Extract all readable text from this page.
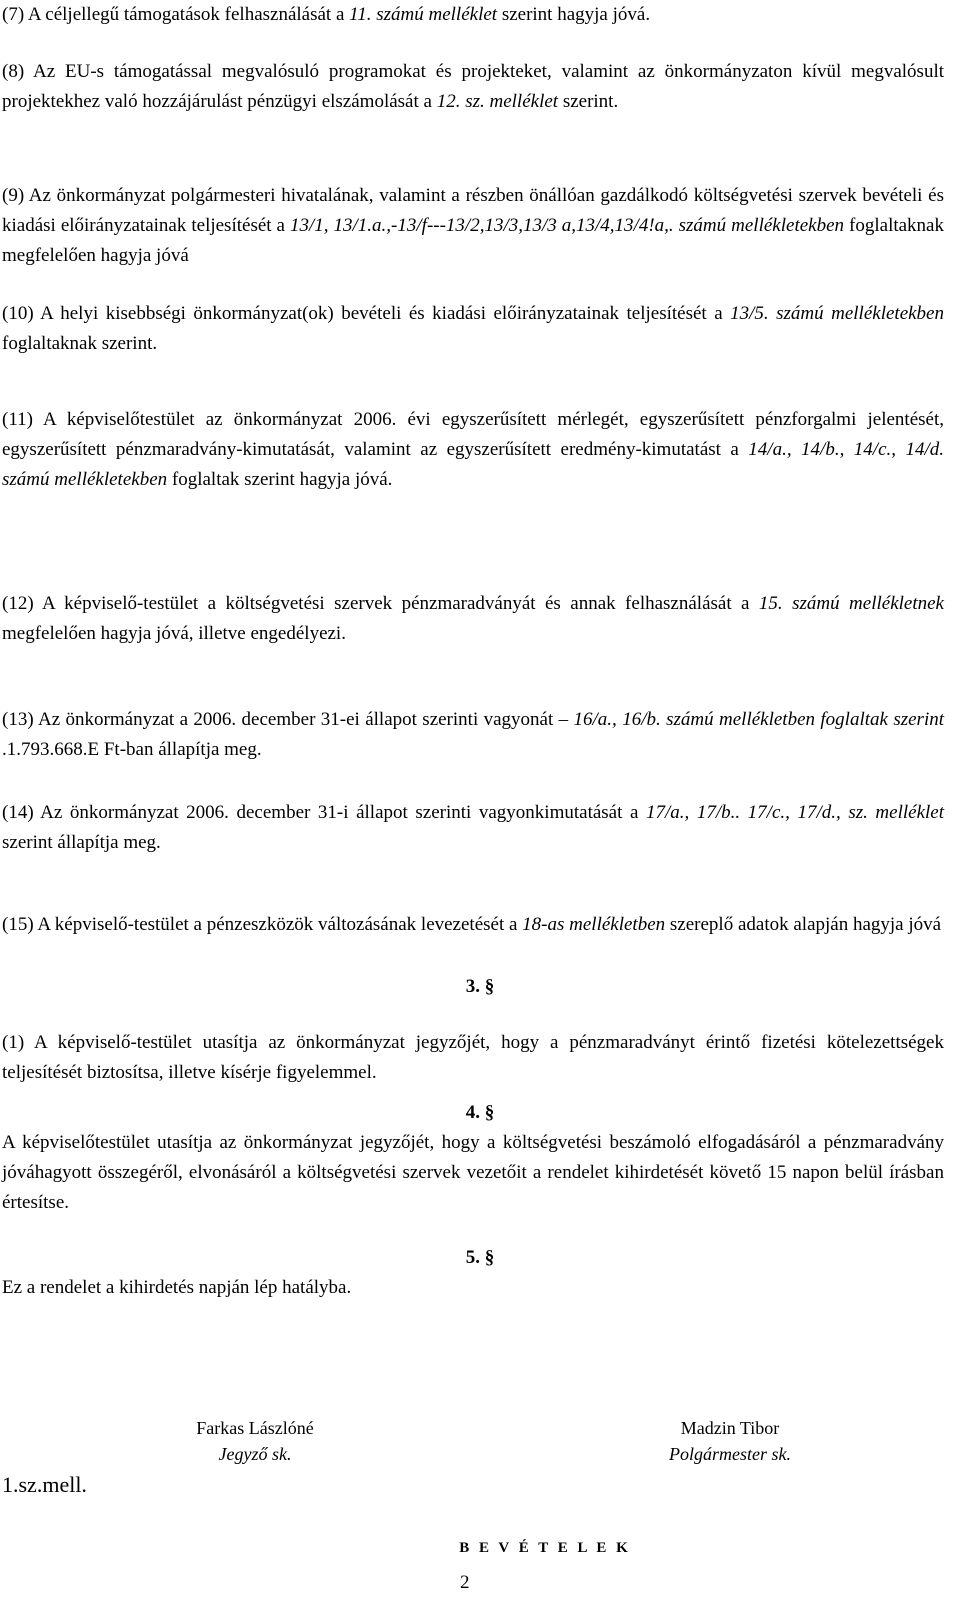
(7) A céljellegű támogatások felhasználását a 11. számú melléklet szerint hagyja jóvá.

(8) Az EU-s támogatással megvalósuló programokat és projekteket, valamint az önkormányzaton kívül megvalósult projektekhez való hozzájárulást pénzügyi elszámolását a 12. sz. melléklet szerint.

(9) Az önkormányzat polgármesteri hivatalának, valamint a részben önállóan gazdálkodó költségvetési szervek bevételi és kiadási előirányzatainak teljesítését a 13/1, 13/1.a.,-13/f---13/2,13/3,13/3 a,13/4,13/4!a,. számú mellékletekben foglaltaknak megfelelően hagyja jóvá

(10) A helyi kisebbségi önkormányzat(ok) bevételi és kiadási előirányzatainak teljesítését a 13/5. számú mellékletekben foglaltaknak szerint.

(11) A képviselőtestület az önkormányzat 2006. évi egyszerűsített mérlegét, egyszerűsített pénzforgalmi jelentését, egyszerűsített pénzmaradvány-kimutatását, valamint az egyszerűsített eredmény-kimutatást a 14/a., 14/b., 14/c., 14/d. számú mellékletekben foglaltak szerint hagyja jóvá.

(12) A képviselő-testület a költségvetési szervek pénzmaradványát és annak felhasználását a 15. számú mellékletnek megfelelően hagyja jóvá, illetve engedélyezi.

(13) Az önkormányzat a 2006. december 31-ei állapot szerinti vagyonát – 16/a., 16/b. számú mellékletben foglaltak szerint .1.793.668.E Ft-ban állapítja meg.

(14) Az önkormányzat 2006. december 31-i állapot szerinti vagyonkimutatását a 17/a., 17/b.. 17/c., 17/d., sz. melléklet szerint állapítja meg.

(15) A képviselő-testület a pénzeszközök változásának levezetését a 18-as mellékletben szereplő adatok alapján hagyja jóvá

3. §

(1) A képviselő-testület utasítja az önkormányzat jegyzőjét, hogy a pénzmaradványt érintő fizetési kötelezettségek teljesítését biztosítsa, illetve kísérje figyelemmel.

4. §

A képviselőtestület utasítja az önkormányzat jegyzőjét, hogy a költségvetési beszámoló elfogadásáról a pénzmaradvány jóváhagyott összegéről, elvonásáról a költségvetési szervek vezetőit a rendelet kihirdetését követő 15 napon belül írásban értesítse.

5. §

Ez a rendelet a kihirdetés napján lép hatályba.

Farkas Lászlóné
Jegyző sk.
Madzin Tibor
Polgármester sk.
1.sz.mell.
B E V É T E L E K
2
